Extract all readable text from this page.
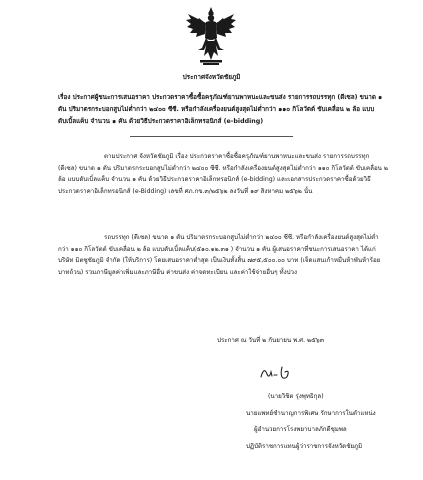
ประกาศจังหวัดชัยภูมิ
เรื่อง ประกาศผู้ชนะการเสนอราคา ประกวดราคาซื้อซื้อครุภัณฑ์ยานพาหนะและขนส่ง รายการรถบรรทุก (ดีเซล) ขนาด ๑ ตัน ปริมาตรกระบอกสูบไม่ต่ำกว่า ๒๔๐๐ ซีซี. หรือกำลังเครื่องยนต์สูงสุดไม่ต่ำกว่า ๑๑๐ กิโลวัตต์ ขับเคลื่อน ๒ ล้อ แบบดับเบิ้ลแค็บ จำนวน ๑ คัน ด้วยวิธีประกวดราคาอิเล็กทรอนิกส์ (e-bidding)
ตามประกาศ จังหวัดชัยภูมิ เรื่อง ประกวดราคาซื้อซื้อครุภัณฑ์ยานพาหนะและขนส่ง รายการรถบรรทุก (ดีเซล) ขนาด ๑ ตัน ปริมาตรกระบอกสูบไม่ต่ำกว่า ๒๔๐๐ ซีซี. หรือกำลังเครื่องยนต์สูงสุดไม่ต่ำกว่า ๑๑๐ กิโลวัตต์ ขับเคลื่อน ๒ ล้อ แบบดับเบิ้ลแค็บ จำนวน ๑ คัน ด้วยวิธีประกวดราคาอิเล็กทรอนิกส์ (e-bidding) และเอกสารประกวดราคาซื้อด้วยวิธีประกวดราคาอิเล็กทรอนิกส์ (e-Bidding) เลขที่ ศภ.กข.๓/๒๕๖๒ ลงวันที่ ๑๙ สิงหาคม ๒๕๖๒ นั้น
รถบรรทุก (ดีเซล) ขนาด ๑ ตัน ปริมาตรกระบอกสูบไม่ต่ำกว่า ๒๔๐๐ ซีซี. หรือกำลังเครื่องยนต์สูงสุดไม่ต่ำกว่า ๑๑๐ กิโลวัตต์ ขับเคลื่อน ๒ ล้อ แบบดับเบิ้ลแค็บ(๕๑๐.๑๒.๓๑ ) จำนวน ๑ คัน ผู้เสนอราคาที่ชนะการเสนอราคา ได้แก่ บริษัท มิตซูชัยภูมิ จำกัด (ให้บริการ) โดยเสนอราคาต่ำสุด เป็นเงินทั้งสิ้น ๗๙๕,๕๐๐.๐๐ บาท (เจ็ดแสนเก้าหมื่นห้าพันห้าร้อยบาทถ้วน) รวมภาษีมูลค่าเพิ่มและภาษีอื่น ค่าขนส่ง ค่าจดทะเบียน และค่าใช้จ่ายอื่นๆ ทั้งปวง
ประกาศ ณ วันที่ ๒ กันยายน พ.ศ. ๒๕๖๓
(นายวิชิต รุ่งพุทธิกุล)
นายแพทย์ชำนาญการพิเศษ รักษาการในตำแหน่ง
ผู้อำนวยการโรงพยาบาลภักดีชุมพล
ปฏิบัติราชการแทนผู้ว่าราชการจังหวัดชัยภูมิ
